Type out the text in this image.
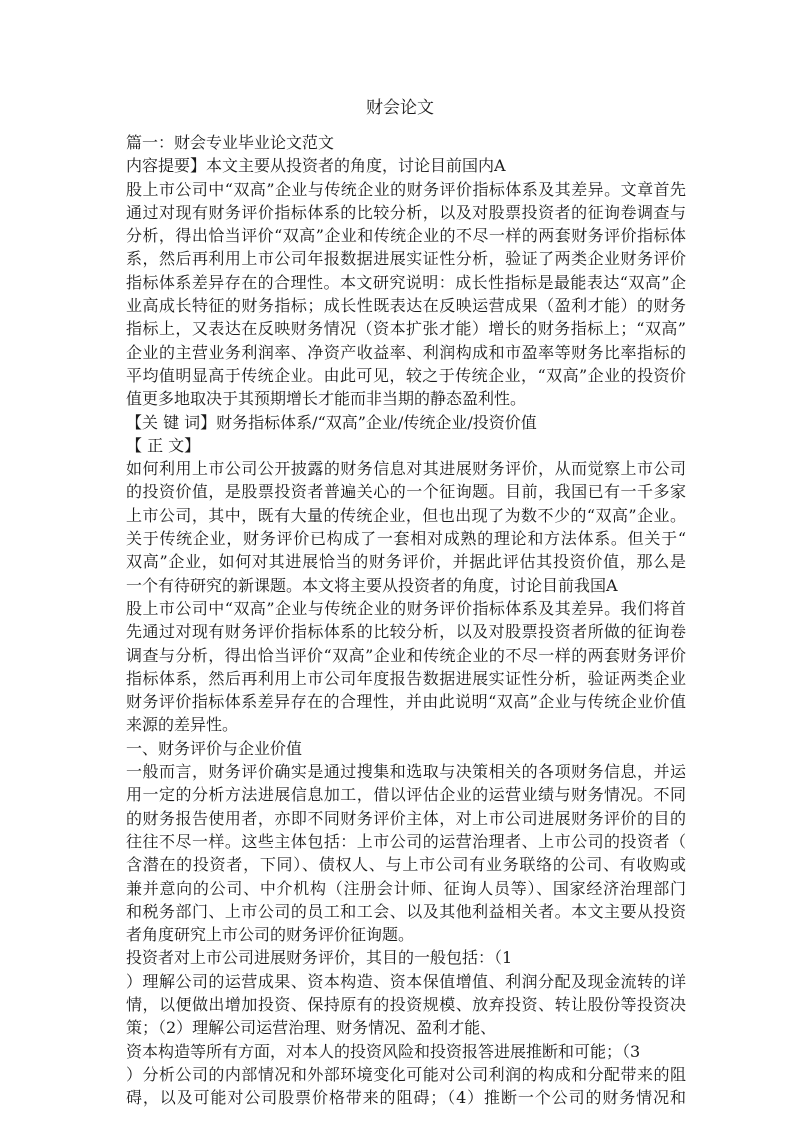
财会论文
篇一：财会专业毕业论文范文
内容提要】本文主要从投资者的角度，讨论目前国内A
股上市公司中“双高”企业与传统企业的财务评价指标体系及其差异。文章首先
通过对现有财务评价指标体系的比较分析，以及对股票投资者的征询卷调查与
分析，得出恰当评价“双高”企业和传统企业的不尽一样的两套财务评价指标体
系，然后再利用上市公司年报数据进展实证性分析，验证了两类企业财务评价
指标体系差异存在的合理性。本文研究说明：成长性指标是最能表达“双高”企
业高成长特征的财务指标；成长性既表达在反映运营成果（盈利才能）的财务
指标上，又表达在反映财务情况（资本扩张才能）增长的财务指标上；“双高”
企业的主营业务利润率、净资产收益率、利润构成和市盈率等财务比率指标的
平均值明显高于传统企业。由此可见，较之于传统企业，“双高”企业的投资价
值更多地取决于其预期增长才能而非当期的静态盈利性。
【关 键 词】财务指标体系/“双高”企业/传统企业/投资价值
【 正 文】
如何利用上市公司公开披露的财务信息对其进展财务评价，从而觉察上市公司
的投资价值，是股票投资者普遍关心的一个征询题。目前，我国已有一千多家
上市公司，其中，既有大量的传统企业，但也出现了为数不少的“双高”企业。
关于传统企业，财务评价已构成了一套相对成熟的理论和方法体系。但关于“
双高”企业，如何对其进展恰当的财务评价，并据此评估其投资价值，那么是
一个有待研究的新课题。本文将主要从投资者的角度，讨论目前我国A
股上市公司中“双高”企业与传统企业的财务评价指标体系及其差异。我们将首
先通过对现有财务评价指标体系的比较分析，以及对股票投资者所做的征询卷
调查与分析，得出恰当评价“双高”企业和传统企业的不尽一样的两套财务评价
指标体系，然后再利用上市公司年度报告数据进展实证性分析，验证两类企业
财务评价指标体系差异存在的合理性，并由此说明“双高”企业与传统企业价值
来源的差异性。
一、财务评价与企业价值
一般而言，财务评价确实是通过搜集和选取与决策相关的各项财务信息，并运
用一定的分析方法进展信息加工，借以评估企业的运营业绩与财务情况。不同
的财务报告使用者，亦即不同财务评价主体，对上市公司进展财务评价的目的
往往不尽一样。这些主体包括：上市公司的运营治理者、上市公司的投资者（
含潜在的投资者，下同）、债权人、与上市公司有业务联络的公司、有收购或
兼并意向的公司、中介机构（注册会计师、征询人员等）、国家经济治理部门
和税务部门、上市公司的员工和工会、以及其他利益相关者。本文主要从投资
者角度研究上市公司的财务评价征询题。
投资者对上市公司进展财务评价，其目的一般包括：（1
）理解公司的运营成果、资本构造、资本保值增值、利润分配及现金流转的详
情，以便做出增加投资、保持原有的投资规模、放弃投资、转让股份等投资决
策；（2）理解公司运营治理、财务情况、盈利才能、
资本构造等所有方面，对本人的投资风险和投资报答进展推断和可能；（3
）分析公司的内部情况和外部环境变化可能对公司利润的构成和分配带来的阻
碍，以及可能对公司股票价格带来的阻碍；（4）推断一个公司的财务情况和
